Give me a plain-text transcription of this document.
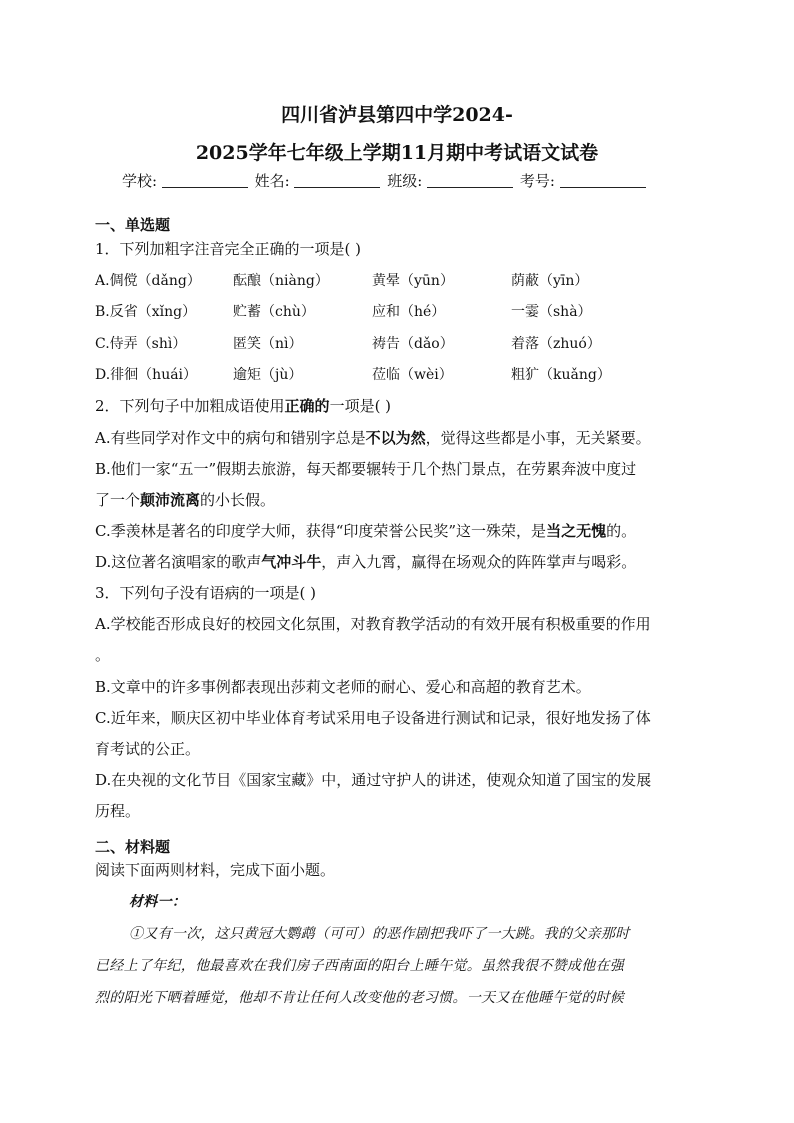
四川省泸县第四中学2024-
2025学年七年级上学期11月期中考试语文试卷
学校:	姓名:	班级:	考号:
一、单选题
1．下列加粗字注音完全正确的一项是( )
A.倜傥（dǎng） 酝酿（niàng）	黄晕（yūn）	荫蔽（yīn）
B.反省（xǐng）	贮蓄（chù）	应和（hé）	一霎（shà）
C.侍弄（shì）	匿笑（nì）	祷告（dǎo）	着落（zhuó）
D.徘徊（huái）	逾矩（jù）	莅临（wèi）	粗犷（kuǎng）
2．下列句子中加粗成语使用正确的一项是( )
A.有些同学对作文中的病句和错别字总是不以为然，觉得这些都是小事，无关紧要。
B.他们一家“五一”假期去旅游，每天都要辗转于几个热门景点，在劳累奔波中度过
了一个颠沛流离的小长假。
C.季羡林是著名的印度学大师，获得“印度荣誉公民奖”这一殊荣，是当之无愧的。
D.这位著名演唱家的歌声气冲斗牛，声入九霄，赢得在场观众的阵阵掌声与喝彩。
3．下列句子没有语病的一项是( )
A.学校能否形成良好的校园文化氛围，对教育教学活动的有效开展有积极重要的作用
。
B.文章中的许多事例都表现出莎莉文老师的耐心、爱心和高超的教育艺术。
C.近年来，顺庆区初中毕业体育考试采用电子设备进行测试和记录，很好地发扬了体
育考试的公正。
D.在央视的文化节目《国家宝藏》中，通过守护人的讲述，使观众知道了国宝的发展
历程。
二、材料题
阅读下面两则材料，完成下面小题。
材料一：
①又有一次，这只黄冠大鹦鹉（可可）的恶作剧把我吓了一大跳。我的父亲那时
已经上了年纪，他最喜欢在我们房子西南面的阳台上睡午觉。虽然我很不赞成他在强
烈的阳光下晒着睡觉，他却不肯让任何人改变他的老习惯。一天又在他睡午觉的时候
